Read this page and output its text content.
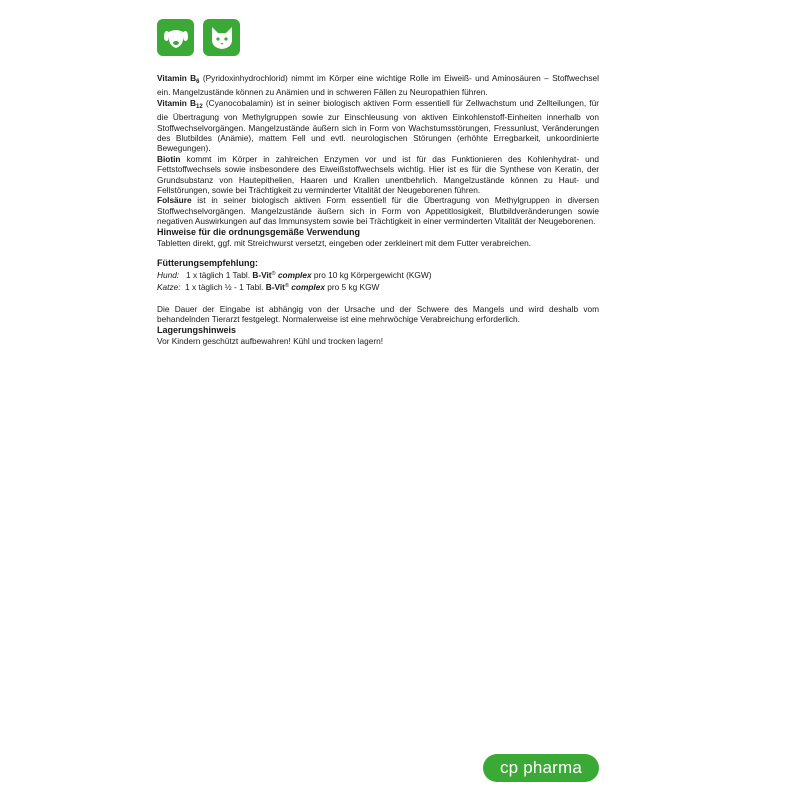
Vitamin $B_6$ (Pyridoxinhydrochlorid) nimmt im Körper eine wichtige Rolle im Eiweiß- und Aminosäuren – Stoffwechsel ein. Mangelzustände können zu Anämien und in schweren Fällen zu Neuropathien führen.

Vitamin $B_{12}$ (Cyanocobalamin) ist in seiner biologisch aktiven Form essentiell für Zellwachstum und Zellteilungen, für die Übertragung von Methylgruppen sowie zur Einschleusung von aktiven Einkohlenstoff-Einheiten innerhalb von Stoffwechselvorgängen. Mangelzustände äußern sich in Form von Wachstumsstörungen, Fressunlust, Veränderungen des Blutbildes (Anämie), mattem Fell und evtl. neurologischen Störungen (erhöhte Erregbarkeit, unkoordinierte Bewegungen).

Biotin kommt im Körper in zahlreichen Enzymen vor und ist für das Funktionieren des Kohlenhydrat- und Fettstoffwechsels sowie insbesondere des Eiweißstoffwechsels wichtig. Hier ist es für die Synthese von Keratin, der Grundsubstanz von Hautepithelien, Haaren und Krallen unentbehrlich. Mangelzustände können zu Haut- und Fellstörungen, sowie bei Trächtigkeit zu verminderter Vitalität der Neugeborenen führen.

Folsäure ist in seiner biologisch aktiven Form essentiell für die Übertragung von Methylgruppen in diversen Stoffwechselvorgängen. Mangelzustände äußern sich in Form von Appetitlosigkeit, Blutbildveränderungen sowie negativen Auswirkungen auf das Immunsystem sowie bei Trächtigkeit in einer verminderten Vitalität der Neugeborenen.

Hinweise für die ordnungsgemäße Verwendung
Tabletten direkt, ggf. mit Streichwurst versetzt, eingeben oder zerkleinert mit dem Futter verabreichen.
Fütterungsempfehlung:
Hund:   1 x täglich 1 Tabl. B-Vit® complex pro 10 kg Körpergewicht (KGW)
Katze:  1 x täglich ½ - 1 Tabl. B-Vit® complex pro 5 kg KGW

Die Dauer der Eingabe ist abhängig von der Ursache und der Schwere des Mangels und wird deshalb vom behandelnden Tierarzt festgelegt. Normalerweise ist eine mehrwöchige Verabreichung erforderlich.

Lagerungshinweis
Vor Kindern geschützt aufbewahren! Kühl und trocken lagern!
cp pharma
